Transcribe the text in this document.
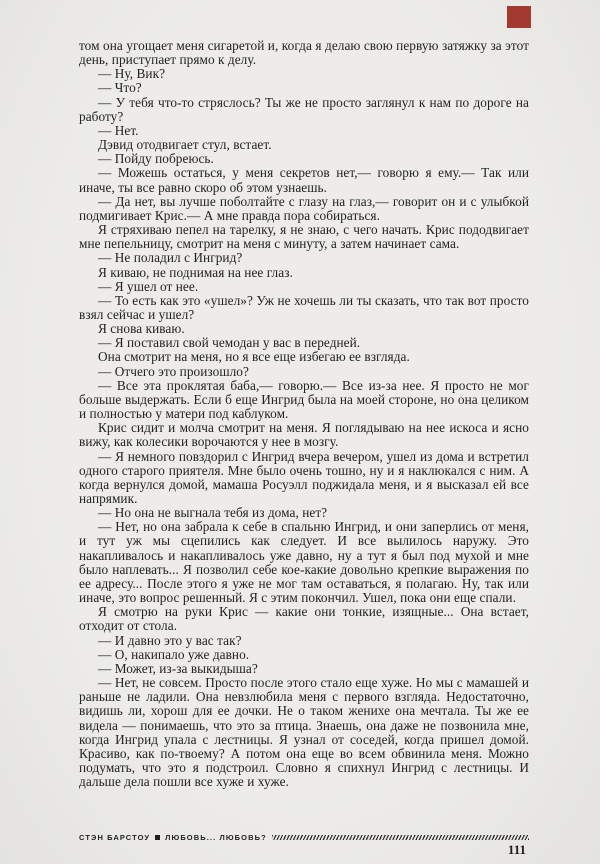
том она угощает меня сигаретой и, когда я делаю свою первую затяжку за этот день, приступает прямо к делу.

— Ну, Вик?

— Что?

— У тебя что-то стряслось? Ты же не просто заглянул к нам по дороге на работу?

— Нет.

Дэвид отодвигает стул, встает.

— Пойду побреюсь.

— Можешь остаться, у меня секретов нет,— говорю я ему.— Так или иначе, ты все равно скоро об этом узнаешь.

— Да нет, вы лучше поболтайте с глазу на глаз,— говорит он и с улыбкой подмигивает Крис.— А мне правда пора собираться.

Я стряхиваю пепел на тарелку, я не знаю, с чего начать. Крис пододвигает мне пепельницу, смотрит на меня с минуту, а затем начинает сама.

— Не поладил с Ингрид?

Я киваю, не поднимая на нее глаз.

— Я ушел от нее.

— То есть как это «ушел»? Уж не хочешь ли ты сказать, что так вот просто взял сейчас и ушел?

Я снова киваю.

— Я поставил свой чемодан у вас в передней.

Она смотрит на меня, но я все еще избегаю ее взгляда.

— Отчего это произошло?

— Все эта проклятая баба,— говорю.— Все из-за нее. Я просто не мог больше выдержать. Если б еще Ингрид была на моей стороне, но она целиком и полностью у матери под каблуком.

Крис сидит и молча смотрит на меня. Я поглядываю на нее искоса и ясно вижу, как колесики ворочаются у нее в мозгу.

— Я немного повздорил с Ингрид вчера вечером, ушел из дома и встретил одного старого приятеля. Мне было очень тошно, ну и я наклюкался с ним. А когда вернулся домой, мамаша Росуэлл поджидала меня, и я высказал ей все напрямик.

— Но она не выгнала тебя из дома, нет?

— Нет, но она забрала к себе в спальню Ингрид, и они заперлись от меня, и тут уж мы сцепились как следует. И все вылилось наружу. Это накапливалось и накапливалось уже давно, ну а тут я был под мухой и мне было наплевать... Я позволил себе кое-какие довольно крепкие выражения по ее адресу... После этого я уже не мог там оставаться, я полагаю. Ну, так или иначе, это вопрос решенный. Я с этим покончил. Ушел, пока они еще спали.

Я смотрю на руки Крис — какие они тонкие, изящные... Она встает, отходит от стола.

— И давно это у вас так?

— О, накипало уже давно.

— Может, из-за выкидыша?

— Нет, не совсем. Просто после этого стало еще хуже. Но мы с мамашей и раньше не ладили. Она невзлюбила меня с первого взгляда. Недостаточно, видишь ли, хорош для ее дочки. Не о таком женихе она мечтала. Ты же ее видела — понимаешь, что это за птица. Знаешь, она даже не позвонила мне, когда Ингрид упала с лестницы. Я узнал от соседей, когда пришел домой. Красиво, как по-твоему? А потом она еще во всем обвинила меня. Можно подумать, что это я подстроил. Словно я спихнул Ингрид с лестницы. И дальше дела пошли все хуже и хуже.

СТЭН БАРСТОУ ЛЮБОВЬ... ЛЮБОВЬ?
111
